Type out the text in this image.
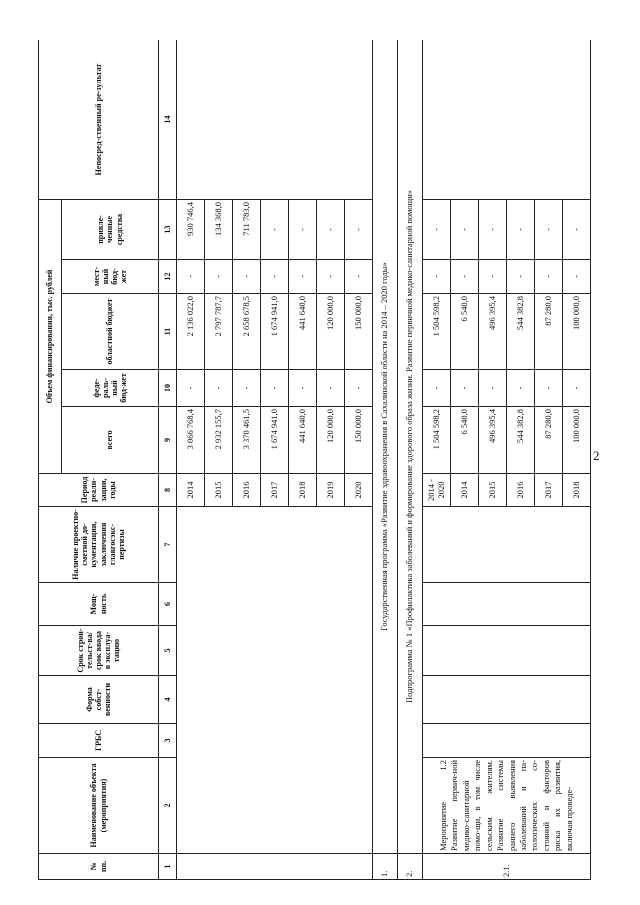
2
№ пп.	Наименование объекта (мероприятия)	ГРБС	Форма собст-венности	Срок строи-тельст-ва/срок ввода в эксплуа-тацию	Мощ-ность	Наличие проектно-сметной до-кументации, заключения главгосэкс-пертизы	Период реали-зации, годы	Объем финансирования, тыс. рублей					Непосред-ственный ре-зультат
								всего	феде-раль-ный бюд-жет	областной бюджет	мест-ный бюд-жет	привле-ченные средства	
1	2	3	4	5	6	7	8	9	10	11	12	13	14
							2014	3 066 768,4	-	2 136 022,0	-	930 746,4	
							2015	2 932 155,7	-	2 797 787,7	-	134 368,0	
							2016	3 370 461,5	-	2 658 678,5	-	711 783,0	
							2017	1 674 941,0	-	1 674 941,0	-	-	
							2018	441 640,0	-	441 640,0	-	-	
							2019	120 000,0	-	120 000,0	-	-	
							2020	150 000,0	-	150 000,0	-	-	
1.	Государственная программа «Развитие здравоохранения в Сахалинской области на 2014 – 2020 годы»												
2.	Подпрограмма № 1 «Профилактика заболеваний и формирование здорового образа жизни. Развитие первичной медико-санитарной помощи»												
2.1.	Мероприятие 1.2 Развитие первич-ной медико-санитарной помо-щи, в том числе сельским жителям. Развитие системы раннего выявления заболеваний и па-тологических со-стояний и факторов риска их развития, включая проведе-						2014 - 2020	1 504 598,2	-	1 504 598,2	-	-	
							2014	6 540,0	-	6 540,0	-	-	
							2015	496 395,4	-	496 395,4	-	-	
							2016	544 382,8	-	544 382,8	-	-	
							2017	87 280,0	-	87 280,0	-	-	
							2018	100 000,0	-	100 000,0	-	-	
